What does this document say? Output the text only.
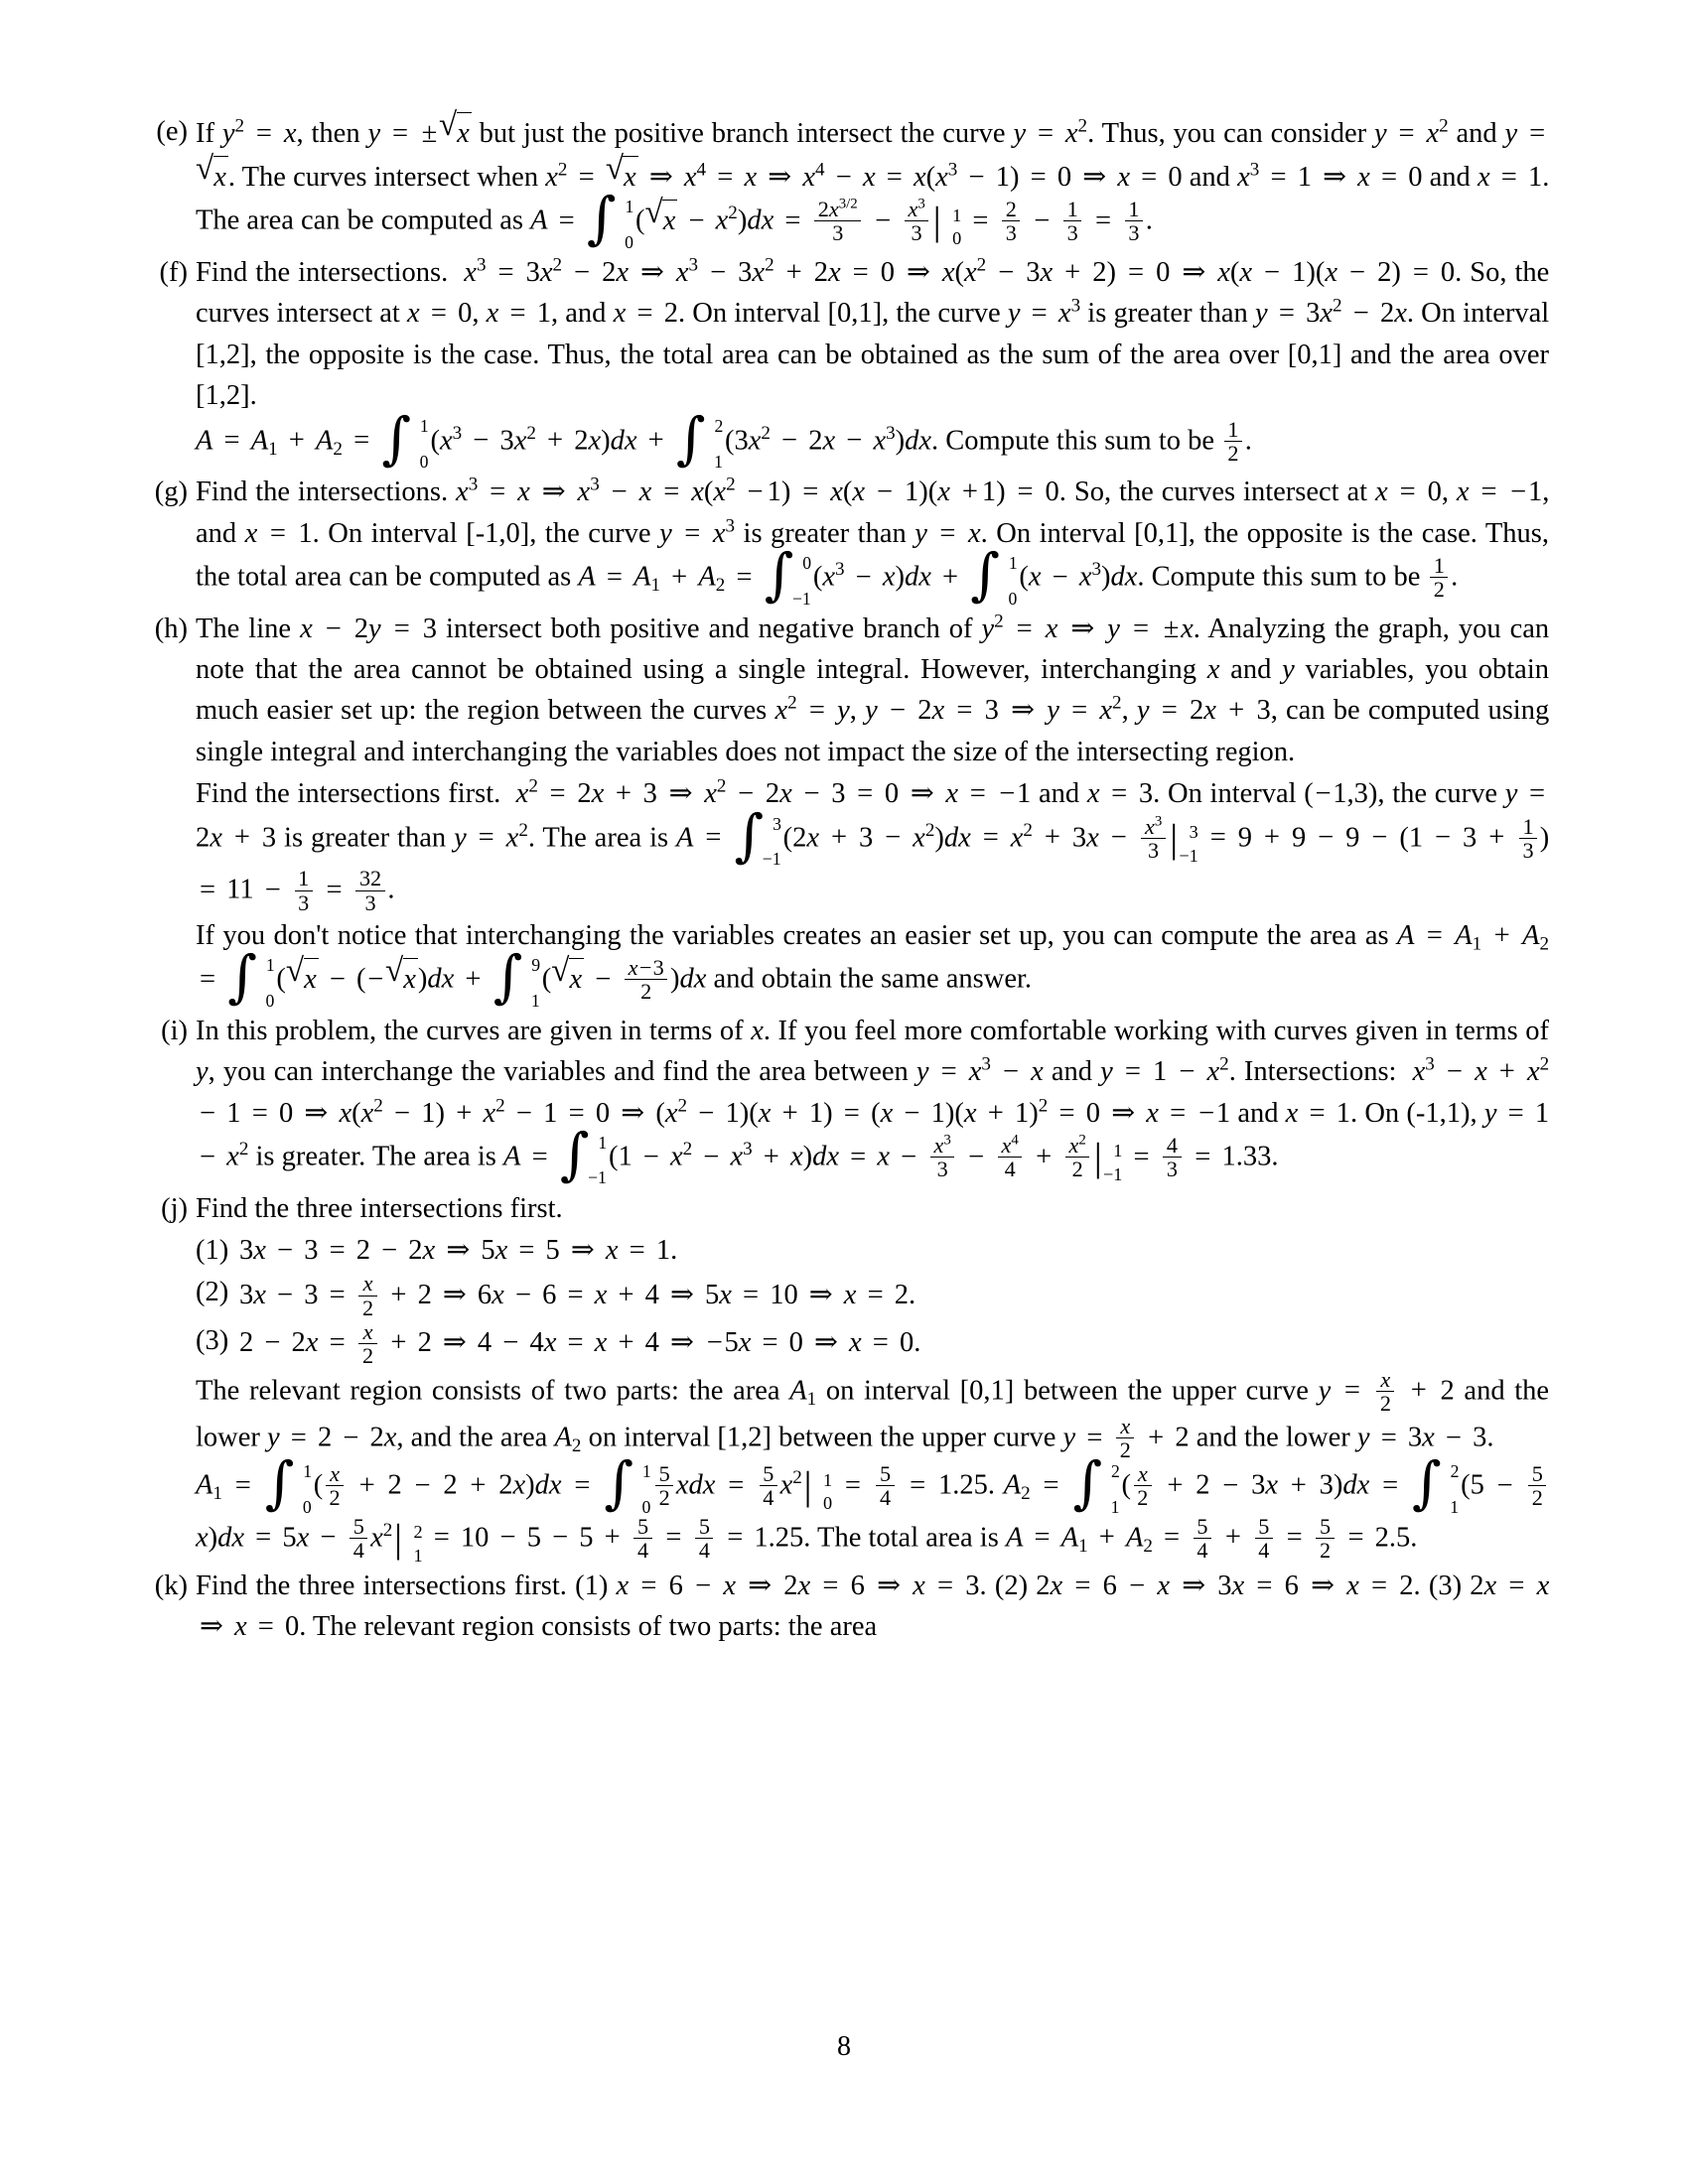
(e) If $y^2 = x$, then y = ± √ x but just the positive branch intersect the curve $y = x^2$. Thus, you can consider $y = x^2$ and y =
√ x. The curves intersect when $x^2$ = √ x ⇒ $x^4 = x$ ⇒ $x^4 - x = x(x^3 - 1) = 0$ ⇒ x = 0 and $x^3 = 1$ ⇒ x = 0 and x = 1. The area can be computed as A = ∫ 1
0
( √ $x - x^2)dx = \frac{2x^{3/2}}{3} - \frac{x^3}{3}$ | 1
0
= $\frac{2}{3} - \frac{1}{3} = \frac{1}{3}$ .
(f) Find the intersections.  $x^3 = 3x^2 - 2x$ ⇒ $x^3 - 3x^2 + 2x = 0$ ⇒ $x(x^2 - 3x + 2) = 0$ ⇒ x(x − 1)(x − 2) = 0. So, the curves intersect at x = 0, x = 1, and x = 2. On interval [0,1], the curve $y = x^3$ is greater than $y = 3x^2 - 2x$. On interval [1,2], the opposite is the case. Thus, the total area can be obtained as the sum of the area over [0,1] and the area over [1,2].
$A = A_1 + A_2$ = ∫ 1
0
$(x^3 - 3x^2 + 2x)dx$ + ∫ 2
1
$(3x^2 - 2x - x^3)dx$. Compute this sum to be $\frac{1}{2}$ .
(g) Find the intersections. $x^3 = x$ ⇒ $x^3 - x = x(x^2 - 1) = x(x - 1)(x + 1) = 0$. So, the curves intersect at x = 0, x = −1, and x = 1. On interval [-1,0], the curve $y = x^3$ is greater than y = x. On interval [0,1], the opposite is the case. Thus, the total area can be computed as $A = A_1 + A_2$ = ∫ 0
−1
$(x^3 - x)dx$ + ∫ 1
0
$(x - x^3)dx$. Compute this sum to be $\frac{1}{2}$ .
(h) The line x − 2y = 3 intersect both positive and negative branch of $y^2 = x$ ⇒ y = ±x. Analyzing the graph, you can note that the area cannot be obtained using a single integral. However, interchanging x and y variables, you obtain much easier set up: the region between the curves $x^2 = y$, y − 2x = 3 ⇒ $y = x^2$, y = 2x + 3, can be computed using single integral and interchanging the variables does not impact the size of the intersecting region.
Find the intersections first.  $x^2 = 2x + 3$ ⇒ $x^2 - 2x - 3 = 0$ ⇒ x = −1 and x = 3. On interval (−1,3), the curve y = 2x + 3 is greater than $y = x^2$. The area is A = ∫ 3
−1
$(2x + 3 - x^2)dx = x^2 + 3x - \frac{x^3}{3}$ | 3
−1
= $9 + 9 - 9 - (1 - 3 + \frac{1}{3}$ ) = $11 - \frac{1}{3} = \frac{32}{3}$ .
If you don't notice that interchanging the variables creates an easier set up, you can compute the area as $A = A_1 + A_2$ = ∫ 1
0
( √ x − (− √ x)dx + ∫ 9
1
( √ $x - \frac{x-3}{2} )dx$ and obtain the same answer.
(i) In this problem, the curves are given in terms of x. If you feel more comfortable working with curves given in terms of y, you can interchange the variables and find the area between $y = x^3 - x$ and $y = 1 - x^2$. Intersections:  $x^3 - x + x^2 - 1 = 0$ ⇒ $x(x^2 - 1) + x^2 - 1 = 0$ ⇒ $(x^2 - 1)(x + 1) = (x - 1)(x + 1)^2 = 0$ ⇒ x = −1 and x = 1. On (-1,1), $y = 1 - x^2$ is greater. The area is A = ∫ 1
−1
$(1 - x^2 - x^3 + x)dx = x - \frac{x^3}{3} - \frac{x^4}{4} + \frac{x^2}{2}$ | 1
−1
= $\frac{4}{3} = 1.33$.
(j) Find the three intersections first.
(1) 3x − 3 = 2 − 2x ⇒ 5x = 5 ⇒ x = 1.
(2) $3x - 3 = \frac{x}{2} + 2$ ⇒ 6x − 6 = x + 4 ⇒ 5x = 10 ⇒ x = 2.
(3) $2 - 2x = \frac{x}{2} + 2$ ⇒ 4 − 4x = x + 4 ⇒ −5x = 0 ⇒ x = 0.
The relevant region consists of two parts: the area $A_1$ on interval [0,1] between the upper curve $y = \frac{x}{2} + 2$ and the lower y = 2 − 2x, and the area $A_2$ on interval [1,2] between the upper curve $y = \frac{x}{2} + 2$ and the lower y = 3x − 3.
$A_1$ = ∫ 1
0
( $\frac{x}{2} + 2 - 2 + 2x)dx$ = ∫ 1
$0 \frac{5}{2}$ xdx = $\frac{5}{4} x^2|$ 1
0
= $\frac{5}{4} = 1.25$. $A_2$ = ∫ 2
1
( $\frac{x}{2} + 2 - 3x + 3)dx$ = ∫ 2
1
($5 - \frac{5}{2}$
$x)dx = 5x - \frac{5}{4} x^2|$ 2
1
= $10 - 5 - 5 + \frac{5}{4} = \frac{5}{4} = 1.25$. The total area is $A = A_1 + A_2 = \frac{5}{4} + \frac{5}{4} = \frac{5}{2} = 2.5$.
(k) Find the three intersections first. (1) x = 6 − x ⇒ 2x = 6 ⇒ x = 3. (2) 2x = 6 − x ⇒ 3x = 6 ⇒ x = 2. (3) 2x = x ⇒ x = 0. The relevant region consists of two parts: the area
8
